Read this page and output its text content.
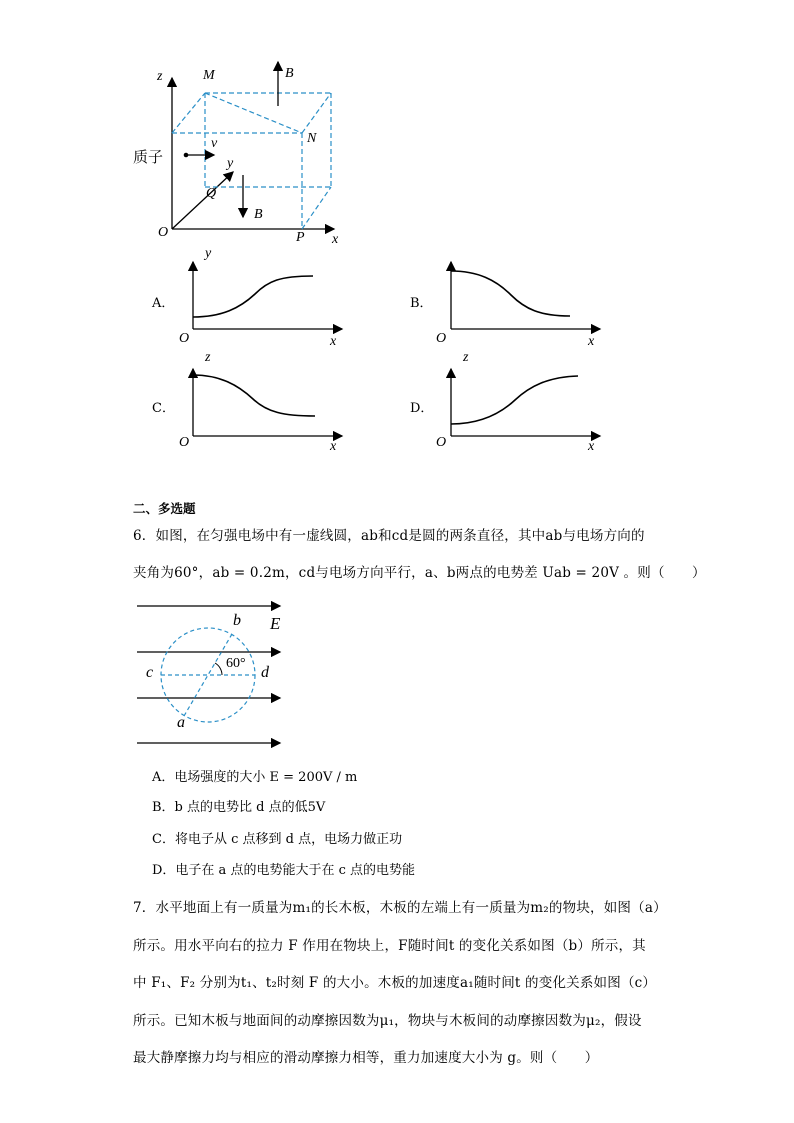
z	M	B
N
质子
v
y
Q
B
O	P x
A．
y
O	x
B．
O	x
C．
z
O	x
D．
z
O	x
二、多选题
6．如图，在匀强电场中有一虚线圆，ab和cd是圆的两条直径，其中ab与电场方向的
夹角为60°，ab = 0.2m，cd与电场方向平行，a、b两点的电势差 Uab = 20V 。则（　　）
b E
c
60°
d
a
A．电场强度的大小 E = 200V / m
B．b 点的电势比 d 点的低5V
C．将电子从 c 点移到 d 点，电场力做正功
D．电子在 a 点的电势能大于在 c 点的电势能
7．水平地面上有一质量为m₁的长木板，木板的左端上有一质量为m₂的物块，如图（a）
所示。用水平向右的拉力 F 作用在物块上，F随时间t 的变化关系如图（b）所示，其
中 F₁、F₂ 分别为t₁、t₂时刻 F 的大小。木板的加速度a₁随时间t 的变化关系如图（c）
所示。已知木板与地面间的动摩擦因数为μ₁，物块与木板间的动摩擦因数为μ₂，假设
最大静摩擦力均与相应的滑动摩擦力相等，重力加速度大小为 g。则（　　）
